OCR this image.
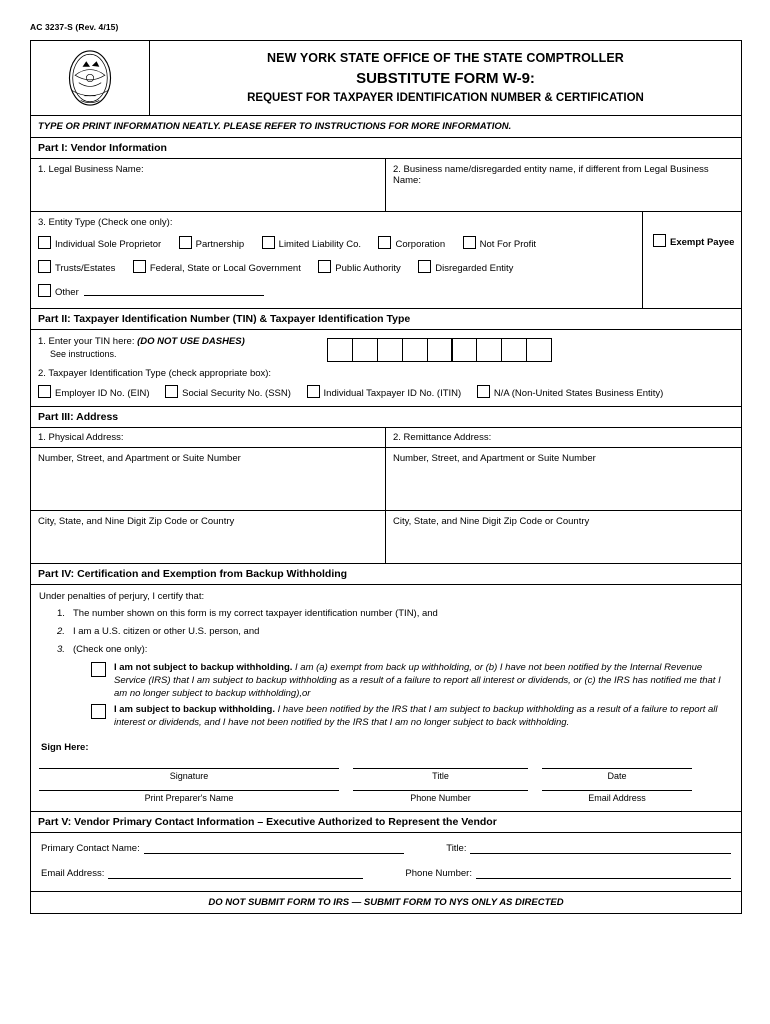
AC 3237-S (Rev. 4/15)
NEW YORK STATE OFFICE OF THE STATE COMPTROLLER
SUBSTITUTE FORM W-9:
REQUEST FOR TAXPAYER IDENTIFICATION NUMBER & CERTIFICATION
TYPE OR PRINT INFORMATION NEATLY. PLEASE REFER TO INSTRUCTIONS FOR MORE INFORMATION.
Part I: Vendor Information
1. Legal Business Name:	2. Business name/disregarded entity name, if different from Legal Business Name:
3. Entity Type (Check one only):
Individual Sole Proprietor	Partnership	Limited Liability Co.	Corporation	Not For Profit
Trusts/Estates	Federal, State or Local Government	Public Authority	Disregarded Entity
Other
Exempt Payee
Part II: Taxpayer Identification Number (TIN) & Taxpayer Identification Type
1. Enter your TIN here: (DO NOT USE DASHES)
See instructions.
2. Taxpayer Identification Type (check appropriate box):
Employer ID No. (EIN)	Social Security No. (SSN)	Individual Taxpayer ID No. (ITIN)	N/A (Non-United States Business Entity)
Part III: Address
1. Physical Address:	2. Remittance Address:
Number, Street, and Apartment or Suite Number	Number, Street, and Apartment or Suite Number
City, State, and Nine Digit Zip Code or Country	City, State, and Nine Digit Zip Code or Country
Part IV: Certification and Exemption from Backup Withholding
Under penalties of perjury, I certify that:
1. The number shown on this form is my correct taxpayer identification number (TIN), and
2. I am a U.S. citizen or other U.S. person, and
3. (Check one only):
I am not subject to backup withholding. I am (a) exempt from back up withholding, or (b) I have not been notified by the Internal Revenue Service (IRS) that I am subject to backup withholding as a result of a failure to report all interest or dividends, or (c) the IRS has notified me that I am no longer subject to backup withholding),or
I am subject to backup withholding. I have been notified by the IRS that I am subject to backup withholding as a result of a failure to report all interest or dividends, and I have not been notified by the IRS that I am no longer subject to back withholding.
Sign Here:
Signature	Title	Date
Print Preparer's Name	Phone Number	Email Address
Part V: Vendor Primary Contact Information – Executive Authorized to Represent the Vendor
Primary Contact Name:	Title:
Email Address:	Phone Number:
DO NOT SUBMIT FORM TO IRS — SUBMIT FORM TO NYS ONLY AS DIRECTED
